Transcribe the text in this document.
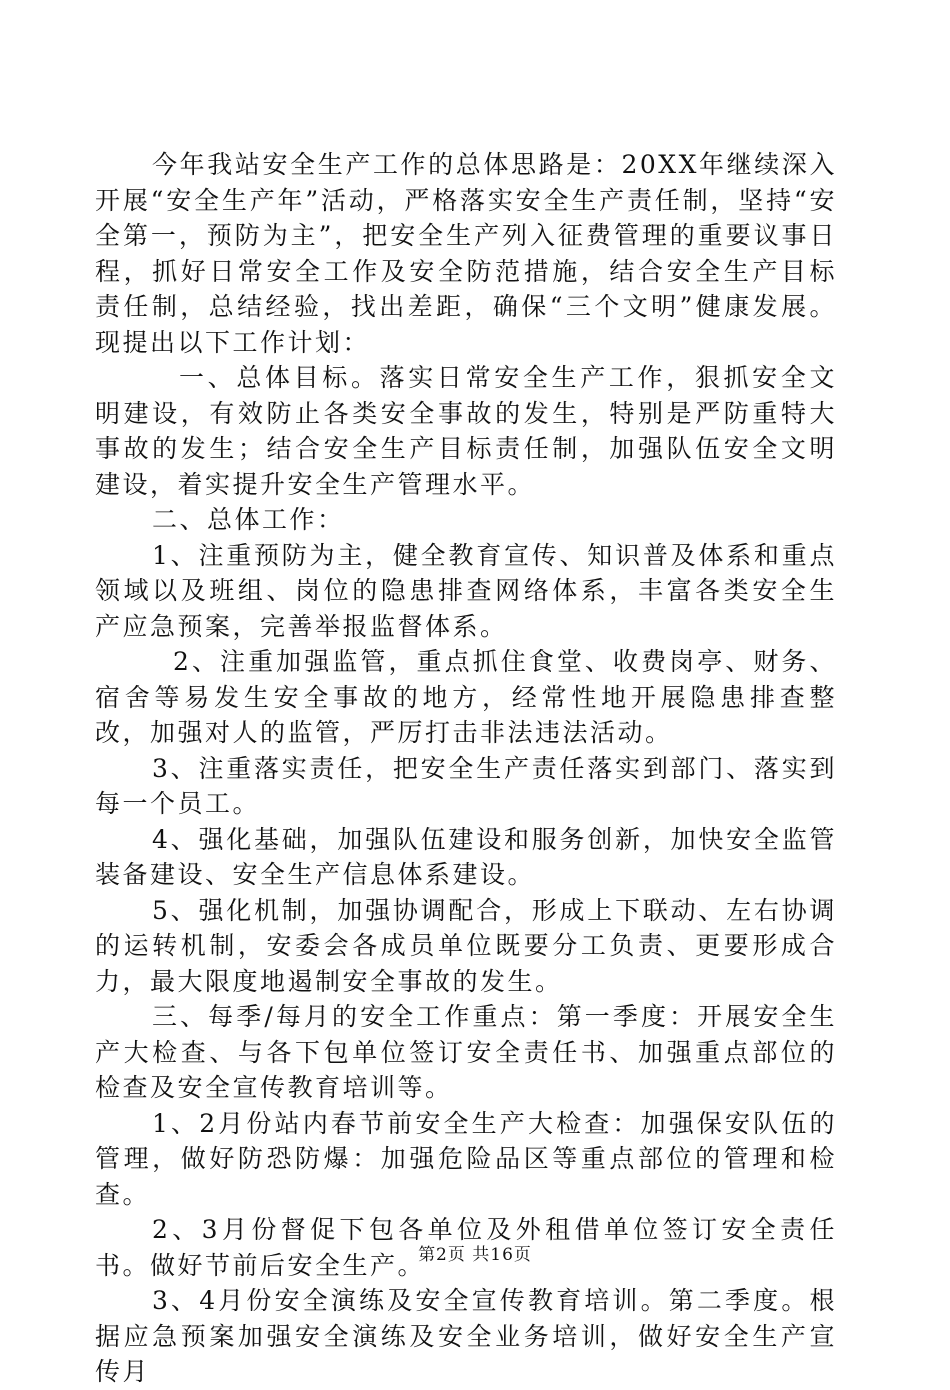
今年我站安全生产工作的总体思路是：20XX年继续深入开展“安全生产年”活动，严格落实安全生产责任制，坚持“安全第一，预防为主”，把安全生产列入征费管理的重要议事日程，抓好日常安全工作及安全防范措施，结合安全生产目标责任制，总结经验，找出差距，确保“三个文明”健康发展。现提出以下工作计划：

一、总体目标。落实日常安全生产工作，狠抓安全文明建设，有效防止各类安全事故的发生，特别是严防重特大事故的发生；结合安全生产目标责任制，加强队伍安全文明建设，着实提升安全生产管理水平。

二、总体工作：

1、注重预防为主，健全教育宣传、知识普及体系和重点领域以及班组、岗位的隐患排查网络体系，丰富各类安全生产应急预案，完善举报监督体系。

2、注重加强监管，重点抓住食堂、收费岗亭、财务、宿舍等易发生安全事故的地方，经常性地开展隐患排查整改，加强对人的监管，严厉打击非法违法活动。

3、注重落实责任，把安全生产责任落实到部门、落实到每一个员工。

4、强化基础，加强队伍建设和服务创新，加快安全监管装备建设、安全生产信息体系建设。

5、强化机制，加强协调配合，形成上下联动、左右协调的运转机制，安委会各成员单位既要分工负责、更要形成合力，最大限度地遏制安全事故的发生。

三、每季/每月的安全工作重点：第一季度：开展安全生产大检查、与各下包单位签订安全责任书、加强重点部位的检查及安全宣传教育培训等。

1、2月份站内春节前安全生产大检查：加强保安队伍的管理，做好防恐防爆：加强危险品区等重点部位的管理和检查。

2、3月份督促下包各单位及外租借单位签订安全责任书。做好节前后安全生产。

3、4月份安全演练及安全宣传教育培训。第二季度。根据应急预案加强安全演练及安全业务培训，做好安全生产宣传月

第2页 共16页
